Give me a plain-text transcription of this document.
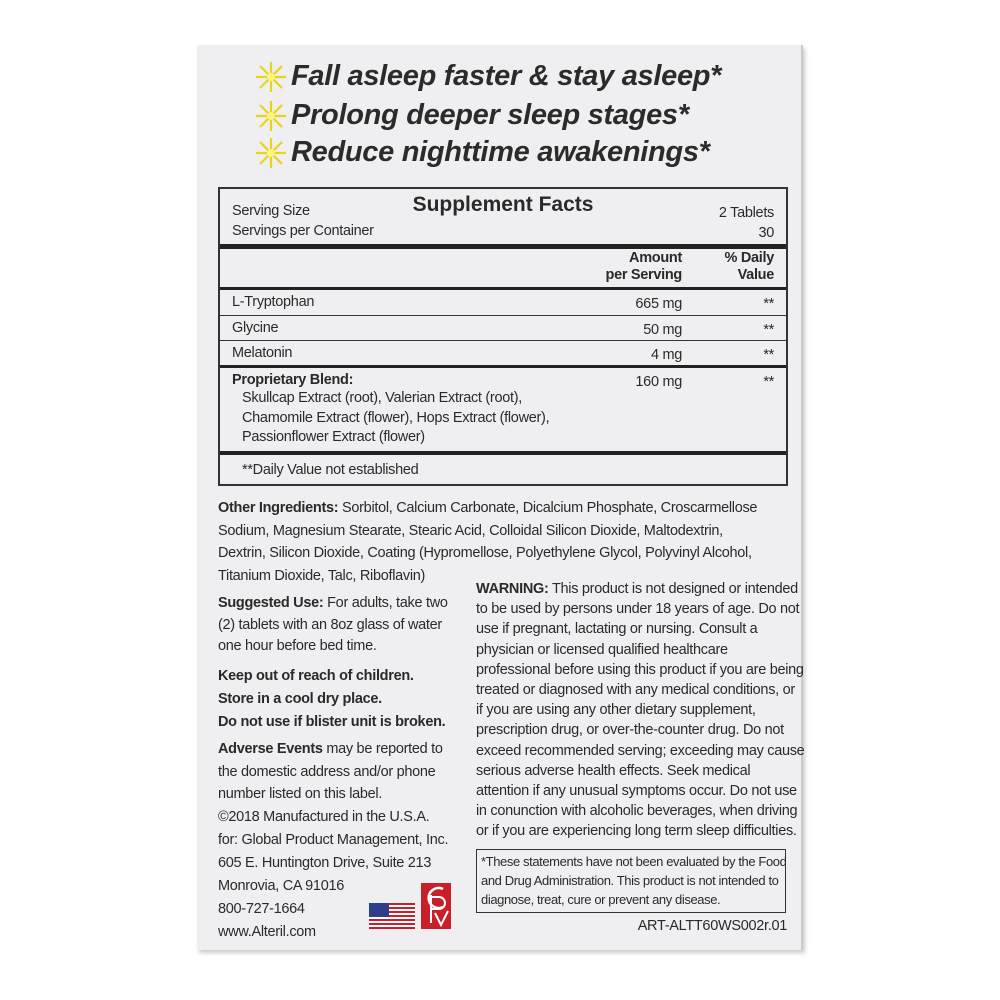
Fall asleep faster & stay asleep*
Prolong deeper sleep stages*
Reduce nighttime awakenings*
Supplement Facts
Serving Size	2 Tablets
Servings per Container	30
Amount
per Serving
% Daily
Value
L-Tryptophan	665 mg	**
Glycine	50 mg	**
Melatonin	4 mg	**
Proprietary Blend:	160 mg	**
Skullcap Extract (root), Valerian Extract (root),
Chamomile Extract (flower), Hops Extract (flower),
Passionflower Extract (flower)
**Daily Value not established
Other Ingredients: Sorbitol, Calcium Carbonate, Dicalcium Phosphate, Croscarmellose
Sodium, Magnesium Stearate, Stearic Acid, Colloidal Silicon Dioxide, Maltodextrin,
Dextrin, Silicon Dioxide, Coating (Hypromellose, Polyethylene Glycol, Polyvinyl Alcohol,
Titanium Dioxide, Talc, Riboflavin)
Suggested Use: For adults, take two
(2) tablets with an 8oz glass of water
one hour before bed time.
Keep out of reach of children.
Store in a cool dry place.
Do not use if blister unit is broken.
Adverse Events may be reported to
the domestic address and/or phone
number listed on this label.
©2018 Manufactured in the U.S.A.
for: Global Product Management, Inc.
605 E. Huntington Drive, Suite 213
Monrovia, CA 91016
800-727-1664
www.Alteril.com
WARNING: This product is not designed or intended
to be used by persons under 18 years of age. Do not
use if pregnant, lactating or nursing. Consult a
physician or licensed qualified healthcare
professional before using this product if you are being
treated or diagnosed with any medical conditions, or
if you are using any other dietary supplement,
prescription drug, or over-the-counter drug. Do not
exceed recommended serving; exceeding may cause
serious adverse health effects. Seek medical
attention if any unusual symptoms occur. Do not use
in conunction with alcoholic beverages, when driving
or if you are experiencing long term sleep difficulties.
*These statements have not been evaluated by the Food
and Drug Administration. This product is not intended to
diagnose, treat, cure or prevent any disease.
ART-ALTT60WS002r.01
